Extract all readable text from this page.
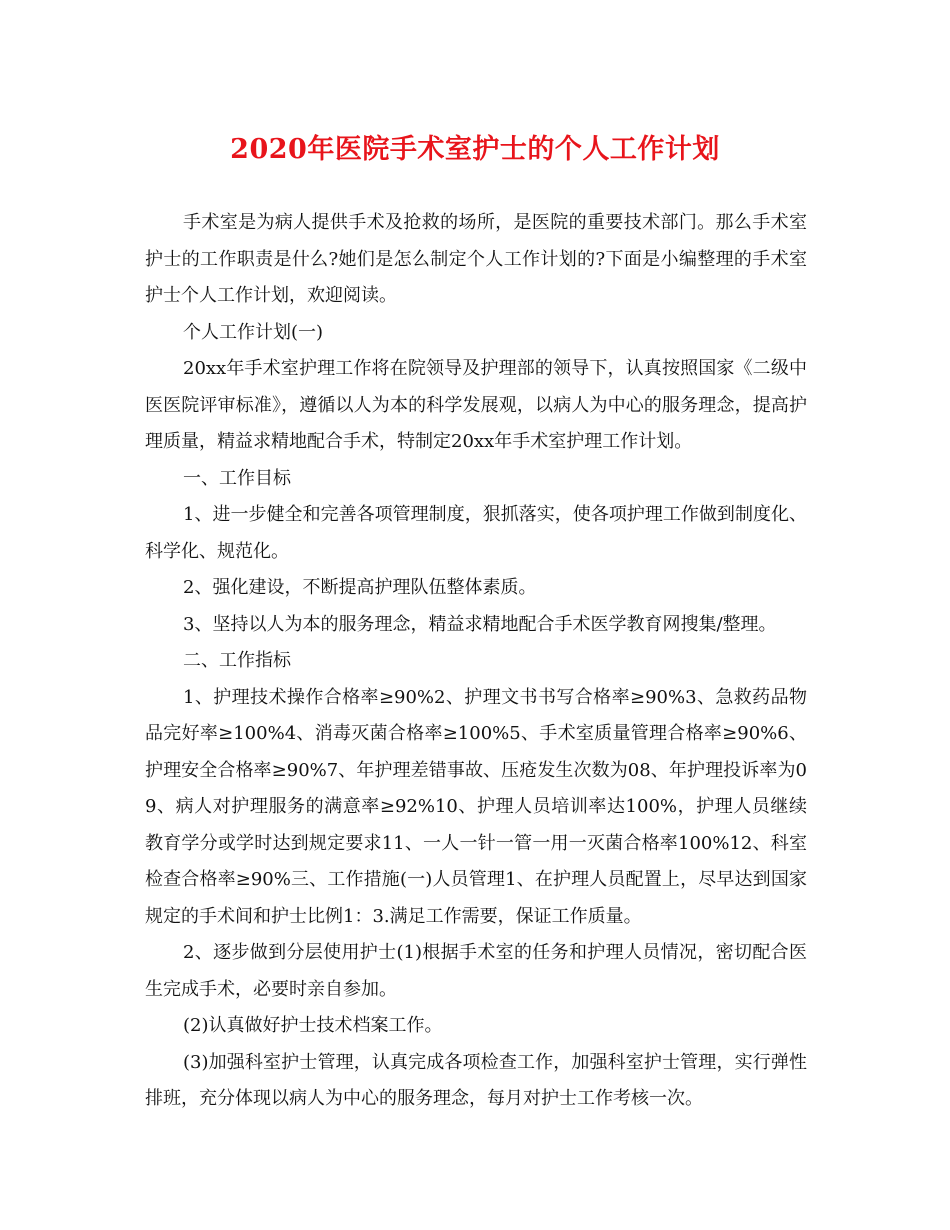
2020年医院手术室护士的个人工作计划

手术室是为病人提供手术及抢救的场所，是医院的重要技术部门。那么手术室护士的工作职责是什么?她们是怎么制定个人工作计划的?下面是小编整理的手术室护士个人工作计划，欢迎阅读。

个人工作计划(一)

20xx年手术室护理工作将在院领导及护理部的领导下，认真按照国家《二级中医医院评审标准》，遵循以人为本的科学发展观，以病人为中心的服务理念，提高护理质量，精益求精地配合手术，特制定20xx年手术室护理工作计划。

一、工作目标

1、进一步健全和完善各项管理制度，狠抓落实，使各项护理工作做到制度化、科学化、规范化。

2、强化建设，不断提高护理队伍整体素质。

3、坚持以人为本的服务理念，精益求精地配合手术医学教育网搜集/整理。

二、工作指标

1、护理技术操作合格率≥90%2、护理文书书写合格率≥90%3、急救药品物品完好率≥100%4、消毒灭菌合格率≥100%5、手术室质量管理合格率≥90%6、护理安全合格率≥90%7、年护理差错事故、压疮发生次数为08、年护理投诉率为09、病人对护理服务的满意率≥92%10、护理人员培训率达100%，护理人员继续教育学分或学时达到规定要求11、一人一针一管一用一灭菌合格率100%12、科室检查合格率≥90%三、工作措施(一)人员管理1、在护理人员配置上，尽早达到国家规定的手术间和护士比例1：3.满足工作需要，保证工作质量。

2、逐步做到分层使用护士(1)根据手术室的任务和护理人员情况，密切配合医生完成手术，必要时亲自参加。

(2)认真做好护士技术档案工作。

(3)加强科室护士管理，认真完成各项检查工作，加强科室护士管理，实行弹性排班，充分体现以病人为中心的服务理念，每月对护士工作考核一次。
